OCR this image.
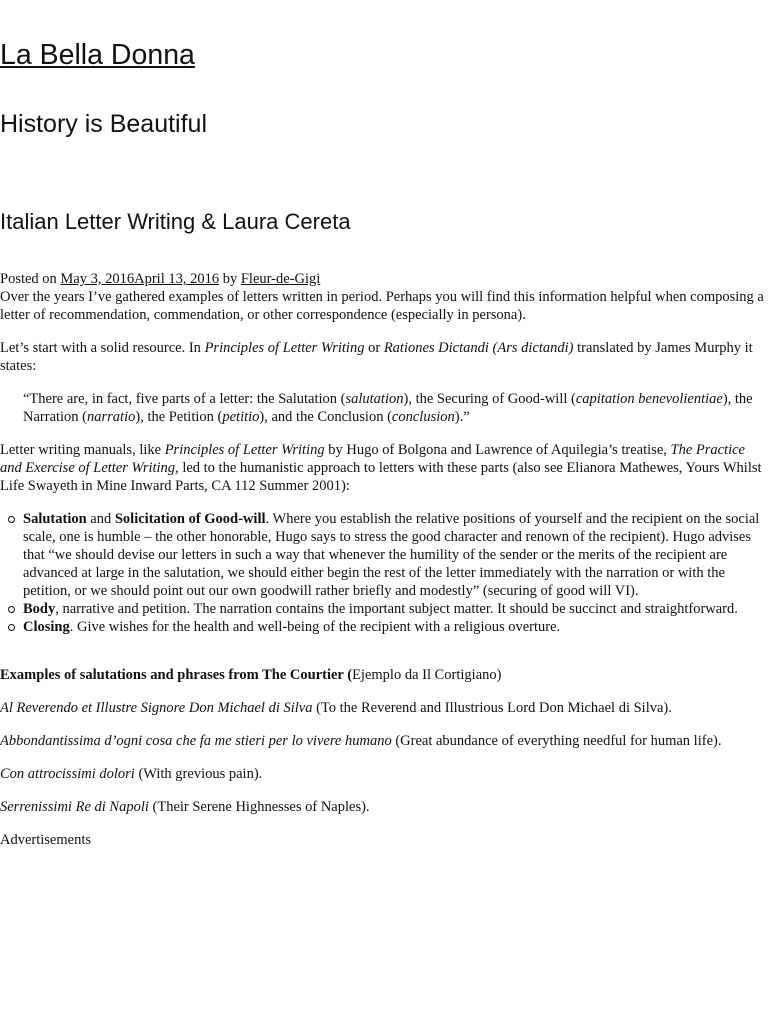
La Bella Donna
History is Beautiful
Italian Letter Writing & Laura Cereta
Posted on May 3, 2016April 13, 2016 by Fleur-de-Gigi

Over the years I’ve gathered examples of letters written in period. Perhaps you will find this information helpful when composing a letter of recommendation, commendation, or other correspondence (especially in persona).

Let’s start with a solid resource. In Principles of Letter Writing or Rationes Dictandi (Ars dictandi) translated by James Murphy it states:

“There are, in fact, five parts of a letter: the Salutation (salutation), the Securing of Good-will (capitation benevolientiae), the Narration (narratio), the Petition (petitio), and the Conclusion (conclusion).”

Letter writing manuals, like Principles of Letter Writing by Hugo of Bolgona and Lawrence of Aquilegia’s treatise, The Practice and Exercise of Letter Writing, led to the humanistic approach to letters with these parts (also see Elianora Mathewes, Yours Whilst Life Swayeth in Mine Inward Parts, CA 112 Summer 2001):

Salutation and Solicitation of Good-will. Where you establish the relative positions of yourself and the recipient on the social scale, one is humble – the other honorable, Hugo says to stress the good character and renown of the recipient). Hugo advises that “we should devise our letters in such a way that whenever the humility of the sender or the merits of the recipient are advanced at large in the salutation, we should either begin the rest of the letter immediately with the narration or with the petition, or we should point out our own goodwill rather briefly and modestly” (securing of good will VI).
Body, narrative and petition. The narration contains the important subject matter. It should be succinct and straightforward.
Closing. Give wishes for the health and well-being of the recipient with a religious overture.

Examples of salutations and phrases from The Courtier (Ejemplo da Il Cortigiano)

Al Reverendo et Illustre Signore Don Michael di Silva (To the Reverend and Illustrious Lord Don Michael di Silva).

Abbondantissima d’ogni cosa che fa me stieri per lo vivere humano (Great abundance of everything needful for human life).

Con attrocissimi dolori (With grevious pain).

Serrenissimi Re di Napoli (Their Serene Highnesses of Naples).

Advertisements
